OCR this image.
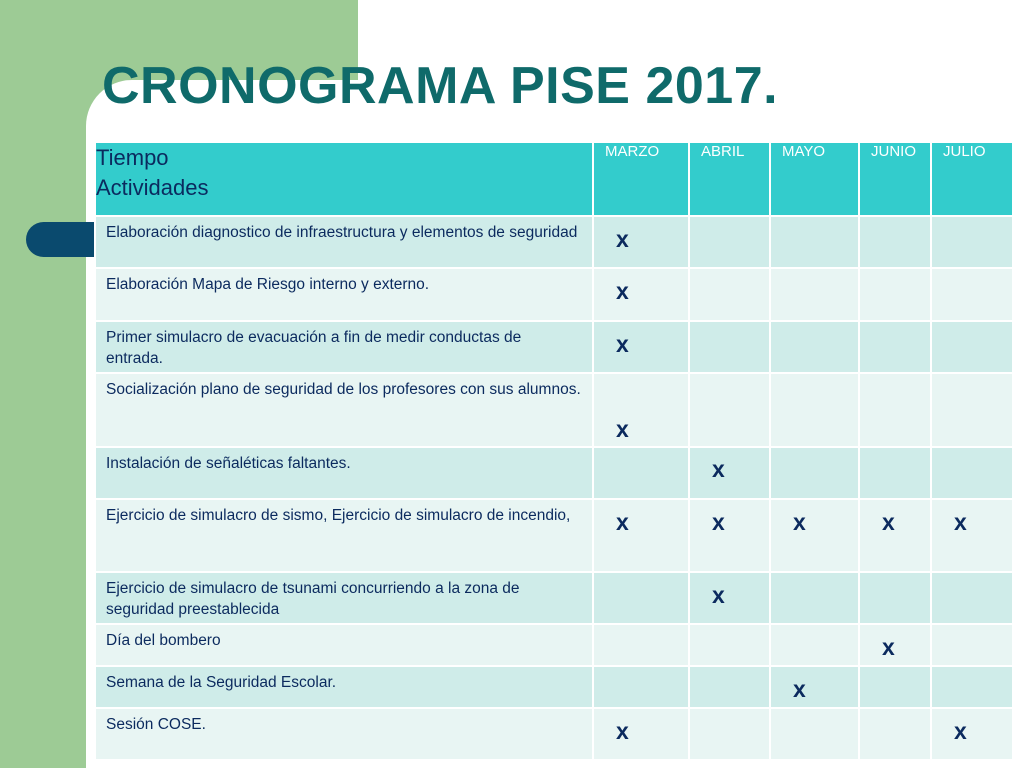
CRONOGRAMA PISE 2017.
Tiempo
Actividades	MARZO	ABRIL	MAYO	JUNIO	JULIO
Elaboración diagnostico de infraestructura y elementos de seguridad	x				
Elaboración Mapa de Riesgo interno y externo.	x				
Primer simulacro de evacuación a fin de medir conductas de entrada.	x				
Socialización plano de seguridad de los profesores con sus alumnos.	x				
Instalación de señaléticas faltantes.		x			
Ejercicio de simulacro de sismo, Ejercicio de simulacro de incendio,	x	x	x	x	x
Ejercicio de simulacro de tsunami concurriendo a la zona de seguridad preestablecida		x			
Día del bombero				x	
Semana de la Seguridad Escolar.			x		
Sesión COSE.	x				x
